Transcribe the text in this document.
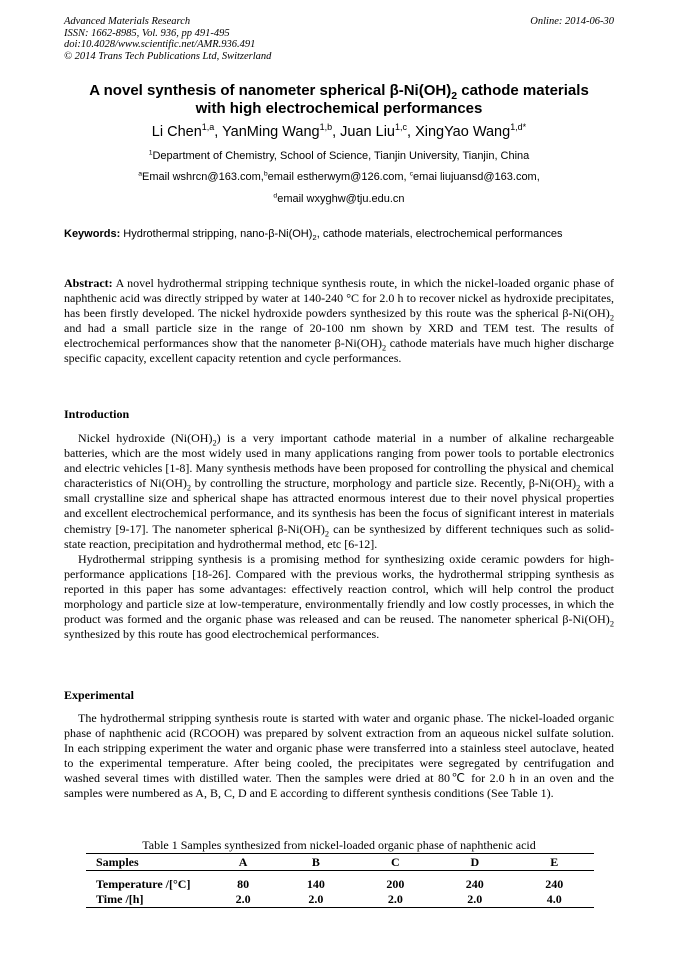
Advanced Materials Research
ISSN: 1662-8985, Vol. 936, pp 491-495
doi:10.4028/www.scientific.net/AMR.936.491
© 2014 Trans Tech Publications Ltd, Switzerland
Online: 2014-06-30
A novel synthesis of nanometer spherical $\beta-Ni(OH)_2$ cathode materials
with high electrochemical performances
Li Chen$^{1,a}$, YanMing Wang$^{1,b}$, Juan Liu$^{1,c}$, XingYao Wang$^{1,d*}$
$^1$Department of Chemistry, School of Science, Tianjin University, Tianjin, China
$^a$Email wshrcn@163.com,$^b$email estherwym@126.com, $^c$emai liujuansd@163.com,
$^d$email wxyghw@tju.edu.cn
Keywords: Hydrothermal stripping, nano-$\beta-Ni(OH)_2$, cathode materials, electrochemical performances
Abstract: A novel hydrothermal stripping technique synthesis route, in which the nickel-loaded organic phase of naphthenic acid was directly stripped by water at 140-240 °C for 2.0 h to recover nickel as hydroxide precipitates, has been firstly developed. The nickel hydroxide powders synthesized by this route was the spherical $\beta-Ni(OH)_2$ and had a small particle size in the range of 20-100 nm shown by XRD and TEM test. The results of electrochemical performances show that the nanometer $\beta-Ni(OH)_2$ cathode materials have much higher discharge specific capacity, excellent capacity retention and cycle performances.
Introduction

Nickel hydroxide $(Ni(OH)_2)$ is a very important cathode material in a number of alkaline rechargeable batteries, which are the most widely used in many applications ranging from power tools to portable electronics and electric vehicles [1-8]. Many synthesis methods have been proposed for controlling the physical and chemical characteristics of $Ni(OH)_2$ by controlling the structure, morphology and particle size. Recently, $\beta-Ni(OH)_2$ with a small crystalline size and spherical shape has attracted enormous interest due to their novel physical properties and excellent electrochemical performance, and its synthesis has been the focus of significant interest in materials chemistry [9-17]. The nanometer spherical $\beta-Ni(OH)_2$ can be synthesized by different techniques such as solid-state reaction, precipitation and hydrothermal method, etc [6-12].

Hydrothermal stripping synthesis is a promising method for synthesizing oxide ceramic powders for high-performance applications [18-26]. Compared with the previous works, the hydrothermal stripping synthesis as reported in this paper has some advantages: effectively reaction control, which will help control the product morphology and particle size at low-temperature, environmentally friendly and low costly processes, in which the product was formed and the organic phase was released and can be reused. The nanometer spherical $\beta-Ni(OH)_2$ synthesized by this route has good electrochemical performances.

Experimental

The hydrothermal stripping synthesis route is started with water and organic phase. The nickel-loaded organic phase of naphthenic acid (RCOOH) was prepared by solvent extraction from an aqueous nickel sulfate solution. In each stripping experiment the water and organic phase were transferred into a stainless steel autoclave, heated to the experimental temperature. After being cooled, the precipitates were segregated by centrifugation and washed several times with distilled water. Then the samples were dried at 80℃ for 2.0 h in an oven and the samples were numbered as A, B, C, D and E according to different synthesis conditions (See Table 1).

Table 1 Samples synthesized from nickel-loaded organic phase of naphthenic acid
Samples	A	B	C	D	E
Temperature /[°C]	80	140	200	240	240
Time /[h]	2.0	2.0	2.0	2.0	4.0
